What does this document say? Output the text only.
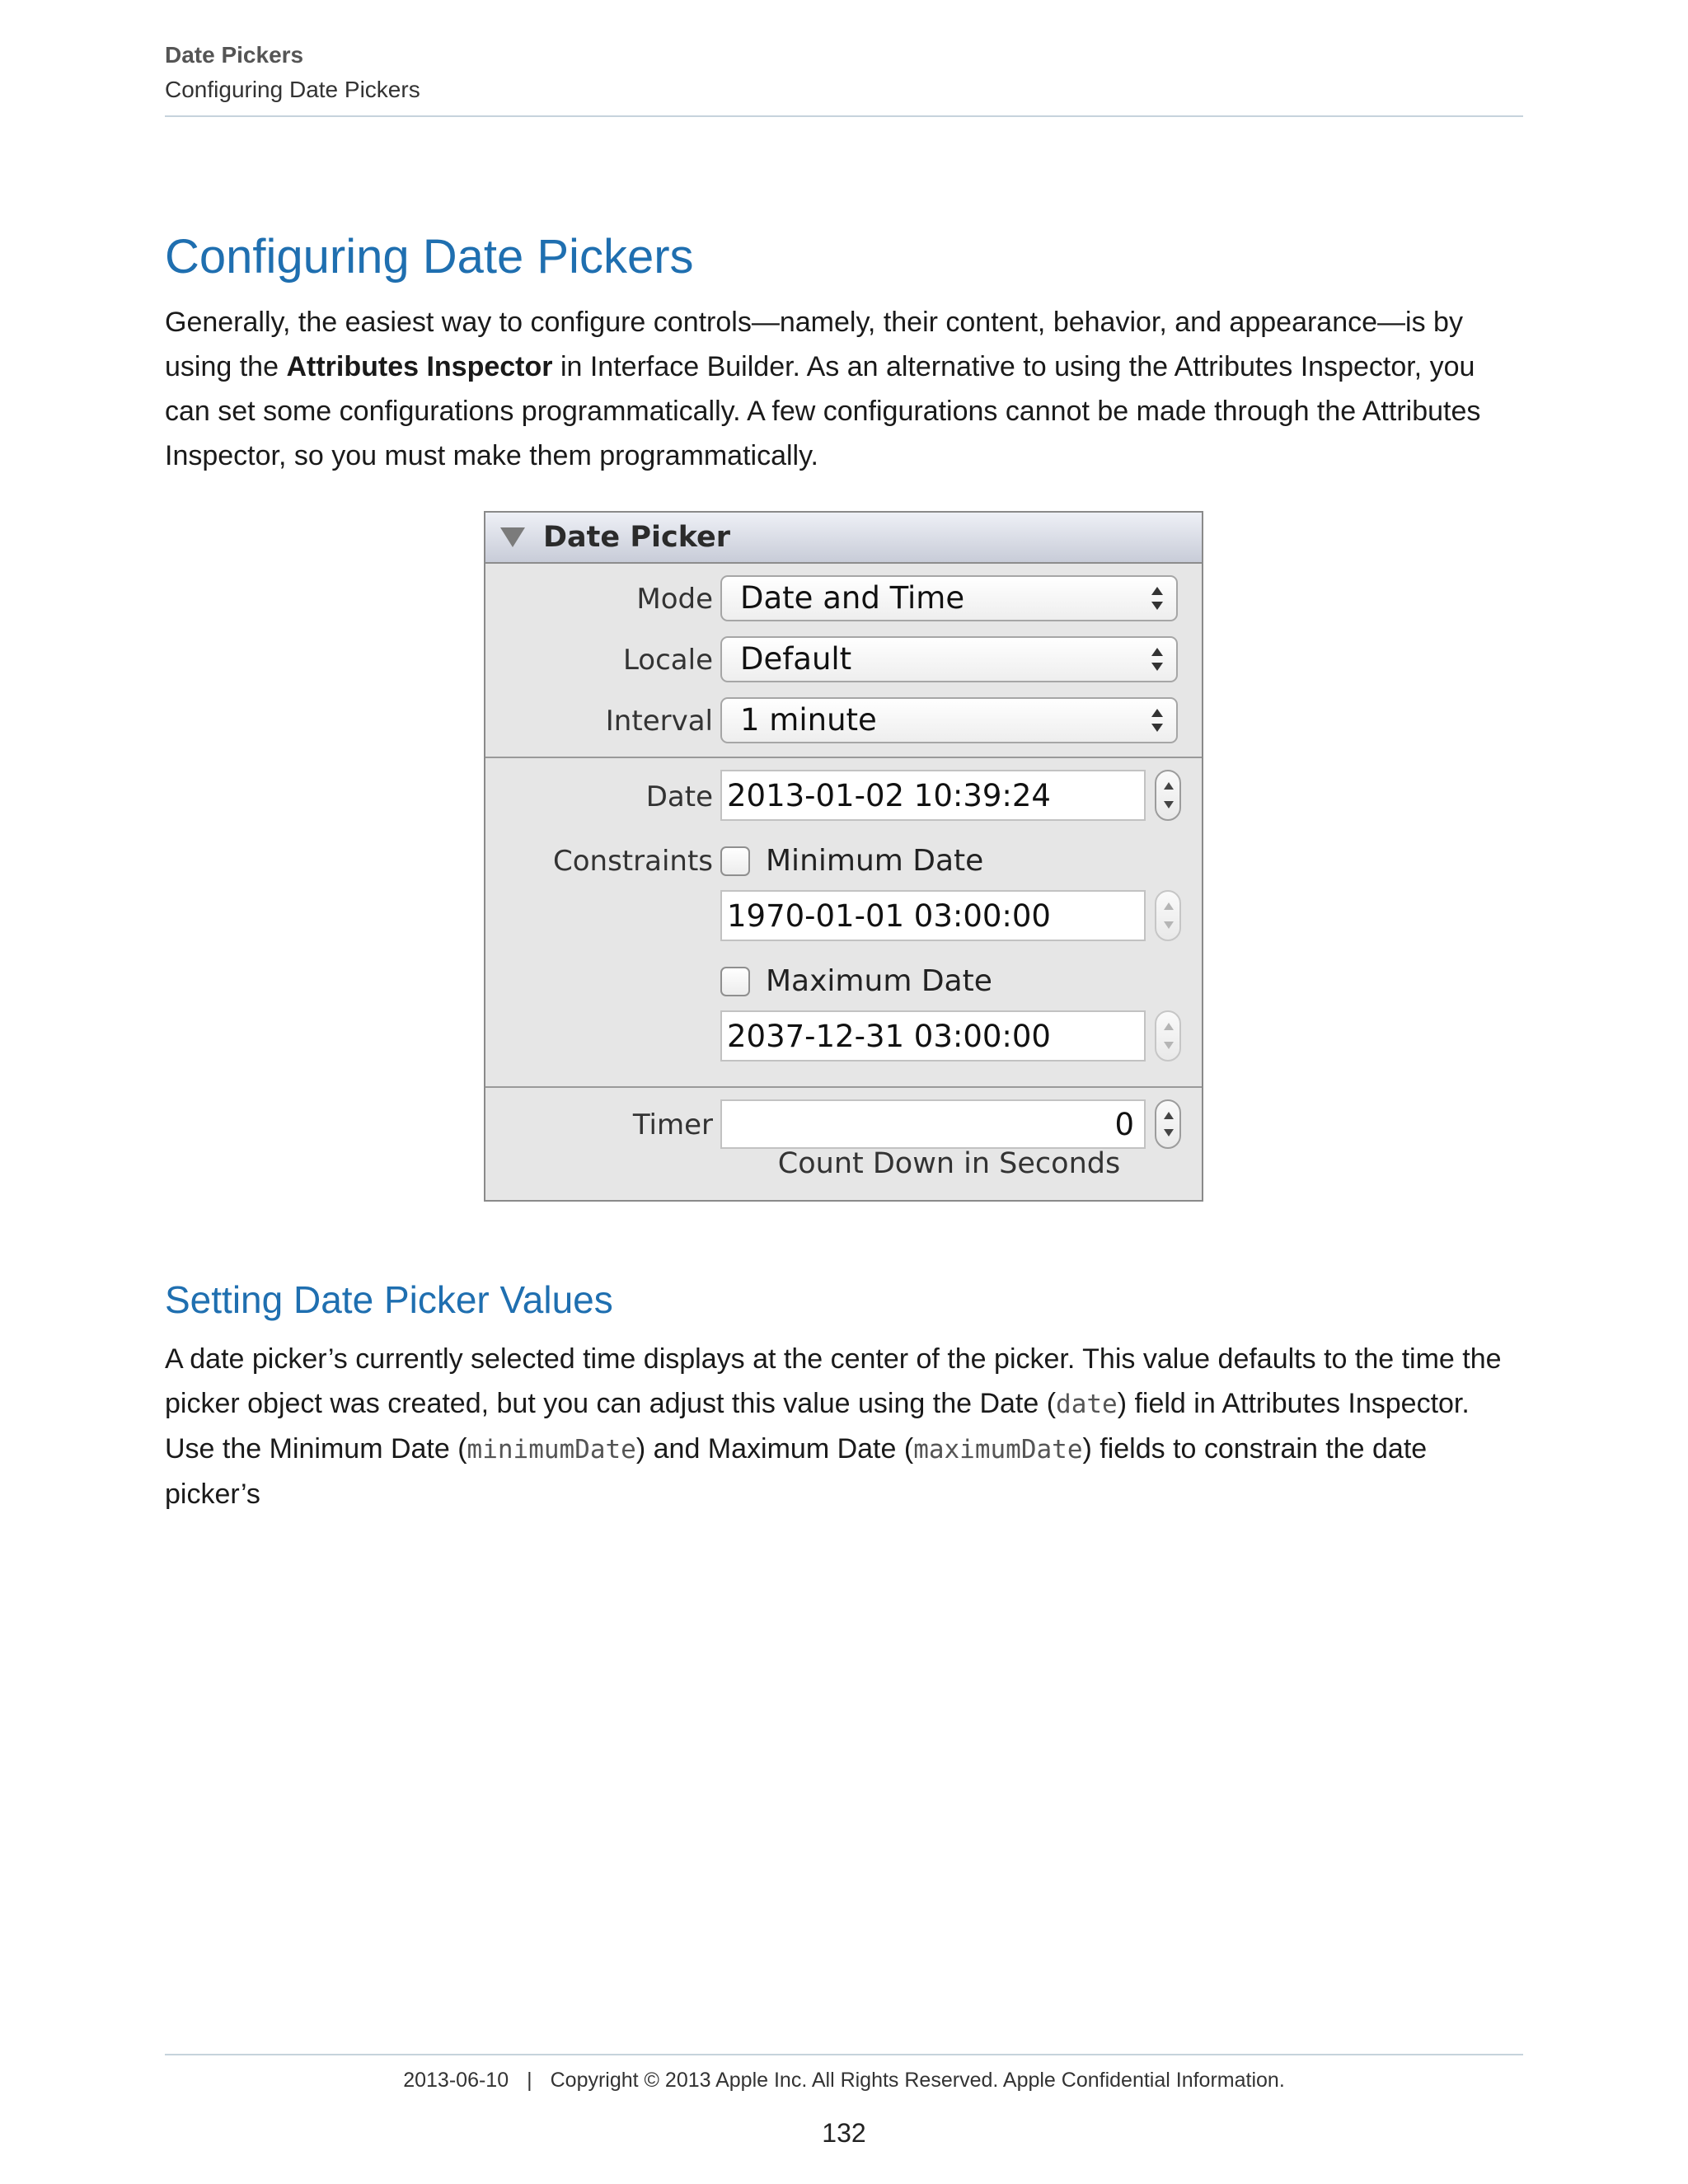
Date Pickers
Configuring Date Pickers
Configuring Date Pickers

Generally, the easiest way to configure controls—namely, their content, behavior, and appearance—is by using the Attributes Inspector in Interface Builder. As an alternative to using the Attributes Inspector, you can set some configurations programmatically. A few configurations cannot be made through the Attributes Inspector, so you must make them programmatically.

Date Picker
Mode Date and Time
Locale Default
Interval 1 minute
Date
2013-01-02 10:39:24
Constraints Minimum Date
1970-01-01 03:00:00
Maximum Date
2037-12-31 03:00:00
Timer
0
Count Down in Seconds
Setting Date Picker Values

A date picker’s currently selected time displays at the center of the picker. This value defaults to the time the picker object was created, but you can adjust this value using the Date (date) field in Attributes Inspector. Use the Minimum Date (minimumDate) and Maximum Date (maximumDate) fields to constrain the date picker’s

2013-06-10 | Copyright © 2013 Apple Inc. All Rights Reserved. Apple Confidential Information.
132
